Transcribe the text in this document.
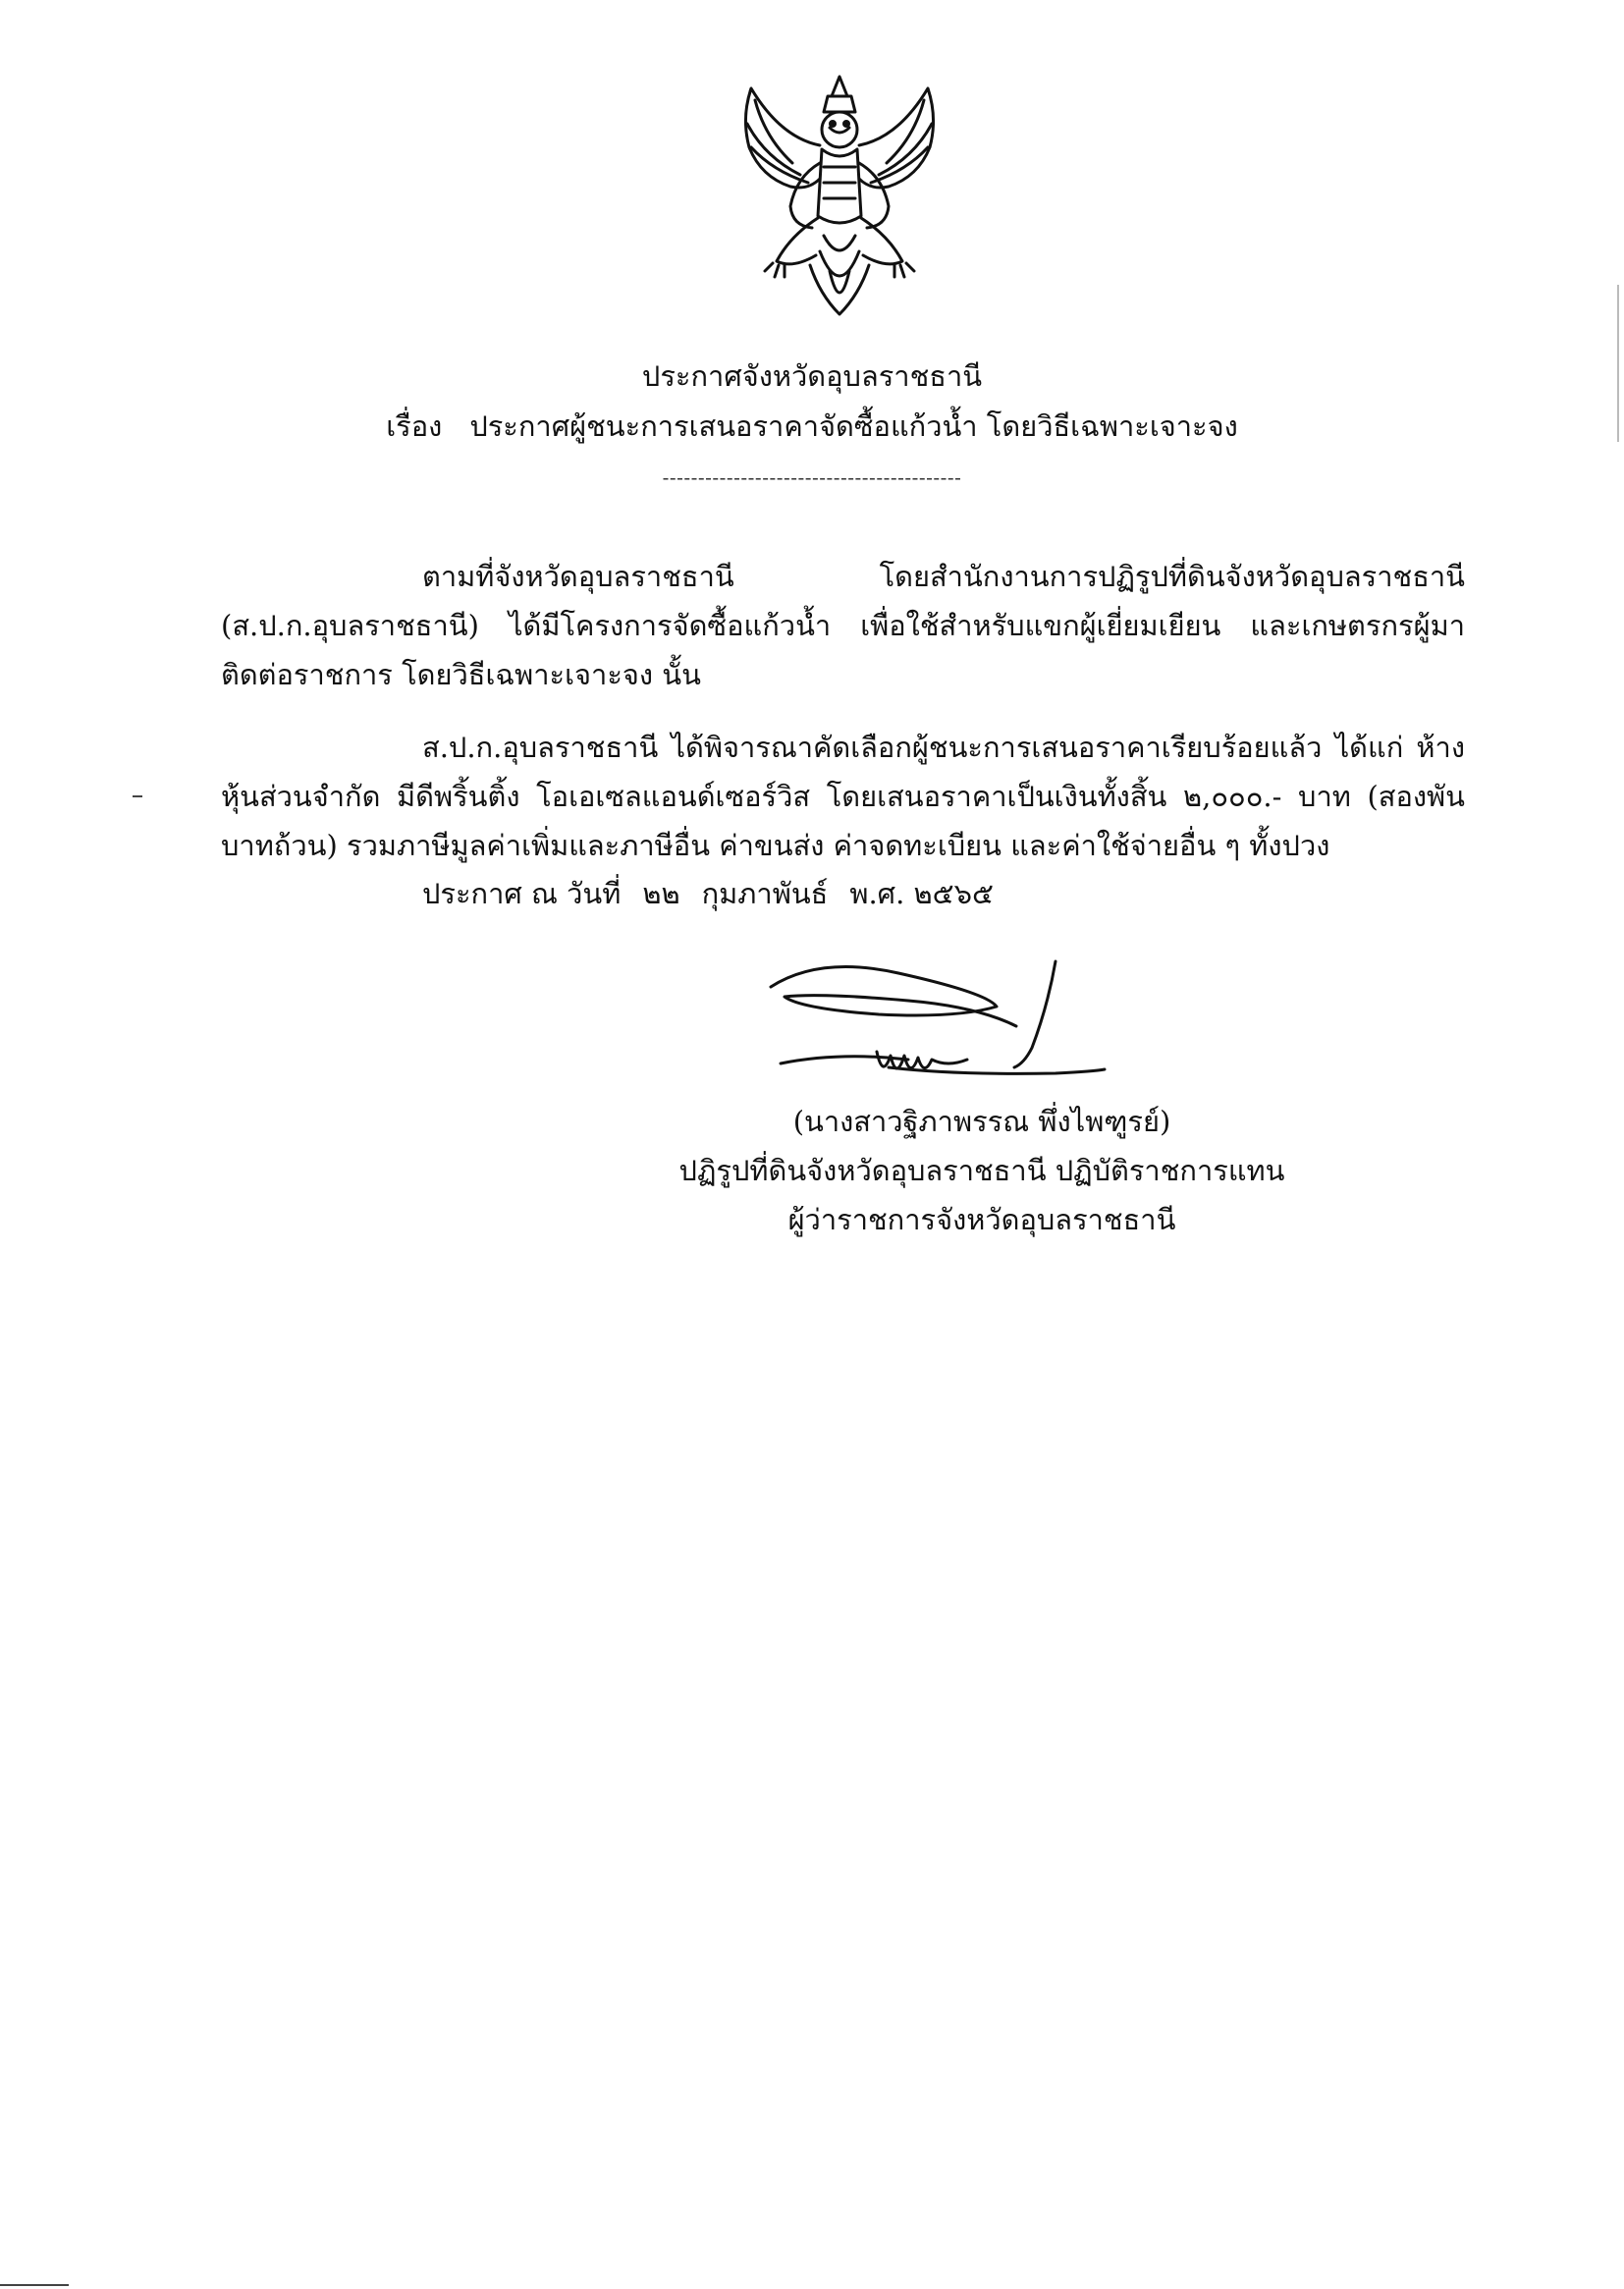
ประกาศจังหวัดอุบลราชธานี
เรื่อง ประกาศผู้ชนะการเสนอราคาจัดซื้อแก้วน้ำ โดยวิธีเฉพาะเจาะจง
------------------------------------------

ตามที่จังหวัดอุบลราชธานี โดยสำนักงานการปฏิรูปที่ดินจังหวัดอุบลราชธานี (ส.ป.ก.อุบลราชธานี) ได้มีโครงการจัดซื้อแก้วน้ำ เพื่อใช้สำหรับแขกผู้เยี่ยมเยียน และเกษตรกรผู้มาติดต่อราชการ โดยวิธีเฉพาะเจาะจง นั้น

ส.ป.ก.อุบลราชธานี ได้พิจารณาคัดเลือกผู้ชนะการเสนอราคาเรียบร้อยแล้ว ได้แก่ ห้างหุ้นส่วนจำกัด มีดีพริ้นติ้ง โอเอเซลแอนด์เซอร์วิส โดยเสนอราคาเป็นเงินทั้งสิ้น ๒,๐๐๐.- บาท (สองพันบาทถ้วน) รวมภาษีมูลค่าเพิ่มและภาษีอื่น ค่าขนส่ง ค่าจดทะเบียน และค่าใช้จ่ายอื่น ๆ ทั้งปวง

ประกาศ ณ วันที่ ๒๒ กุมภาพันธ์ พ.ศ. ๒๕๖๕
(นางสาวฐิภาพรรณ พึ่งไพฑูรย์)
ปฏิรูปที่ดินจังหวัดอุบลราชธานี ปฏิบัติราชการแทน
ผู้ว่าราชการจังหวัดอุบลราชธานี
